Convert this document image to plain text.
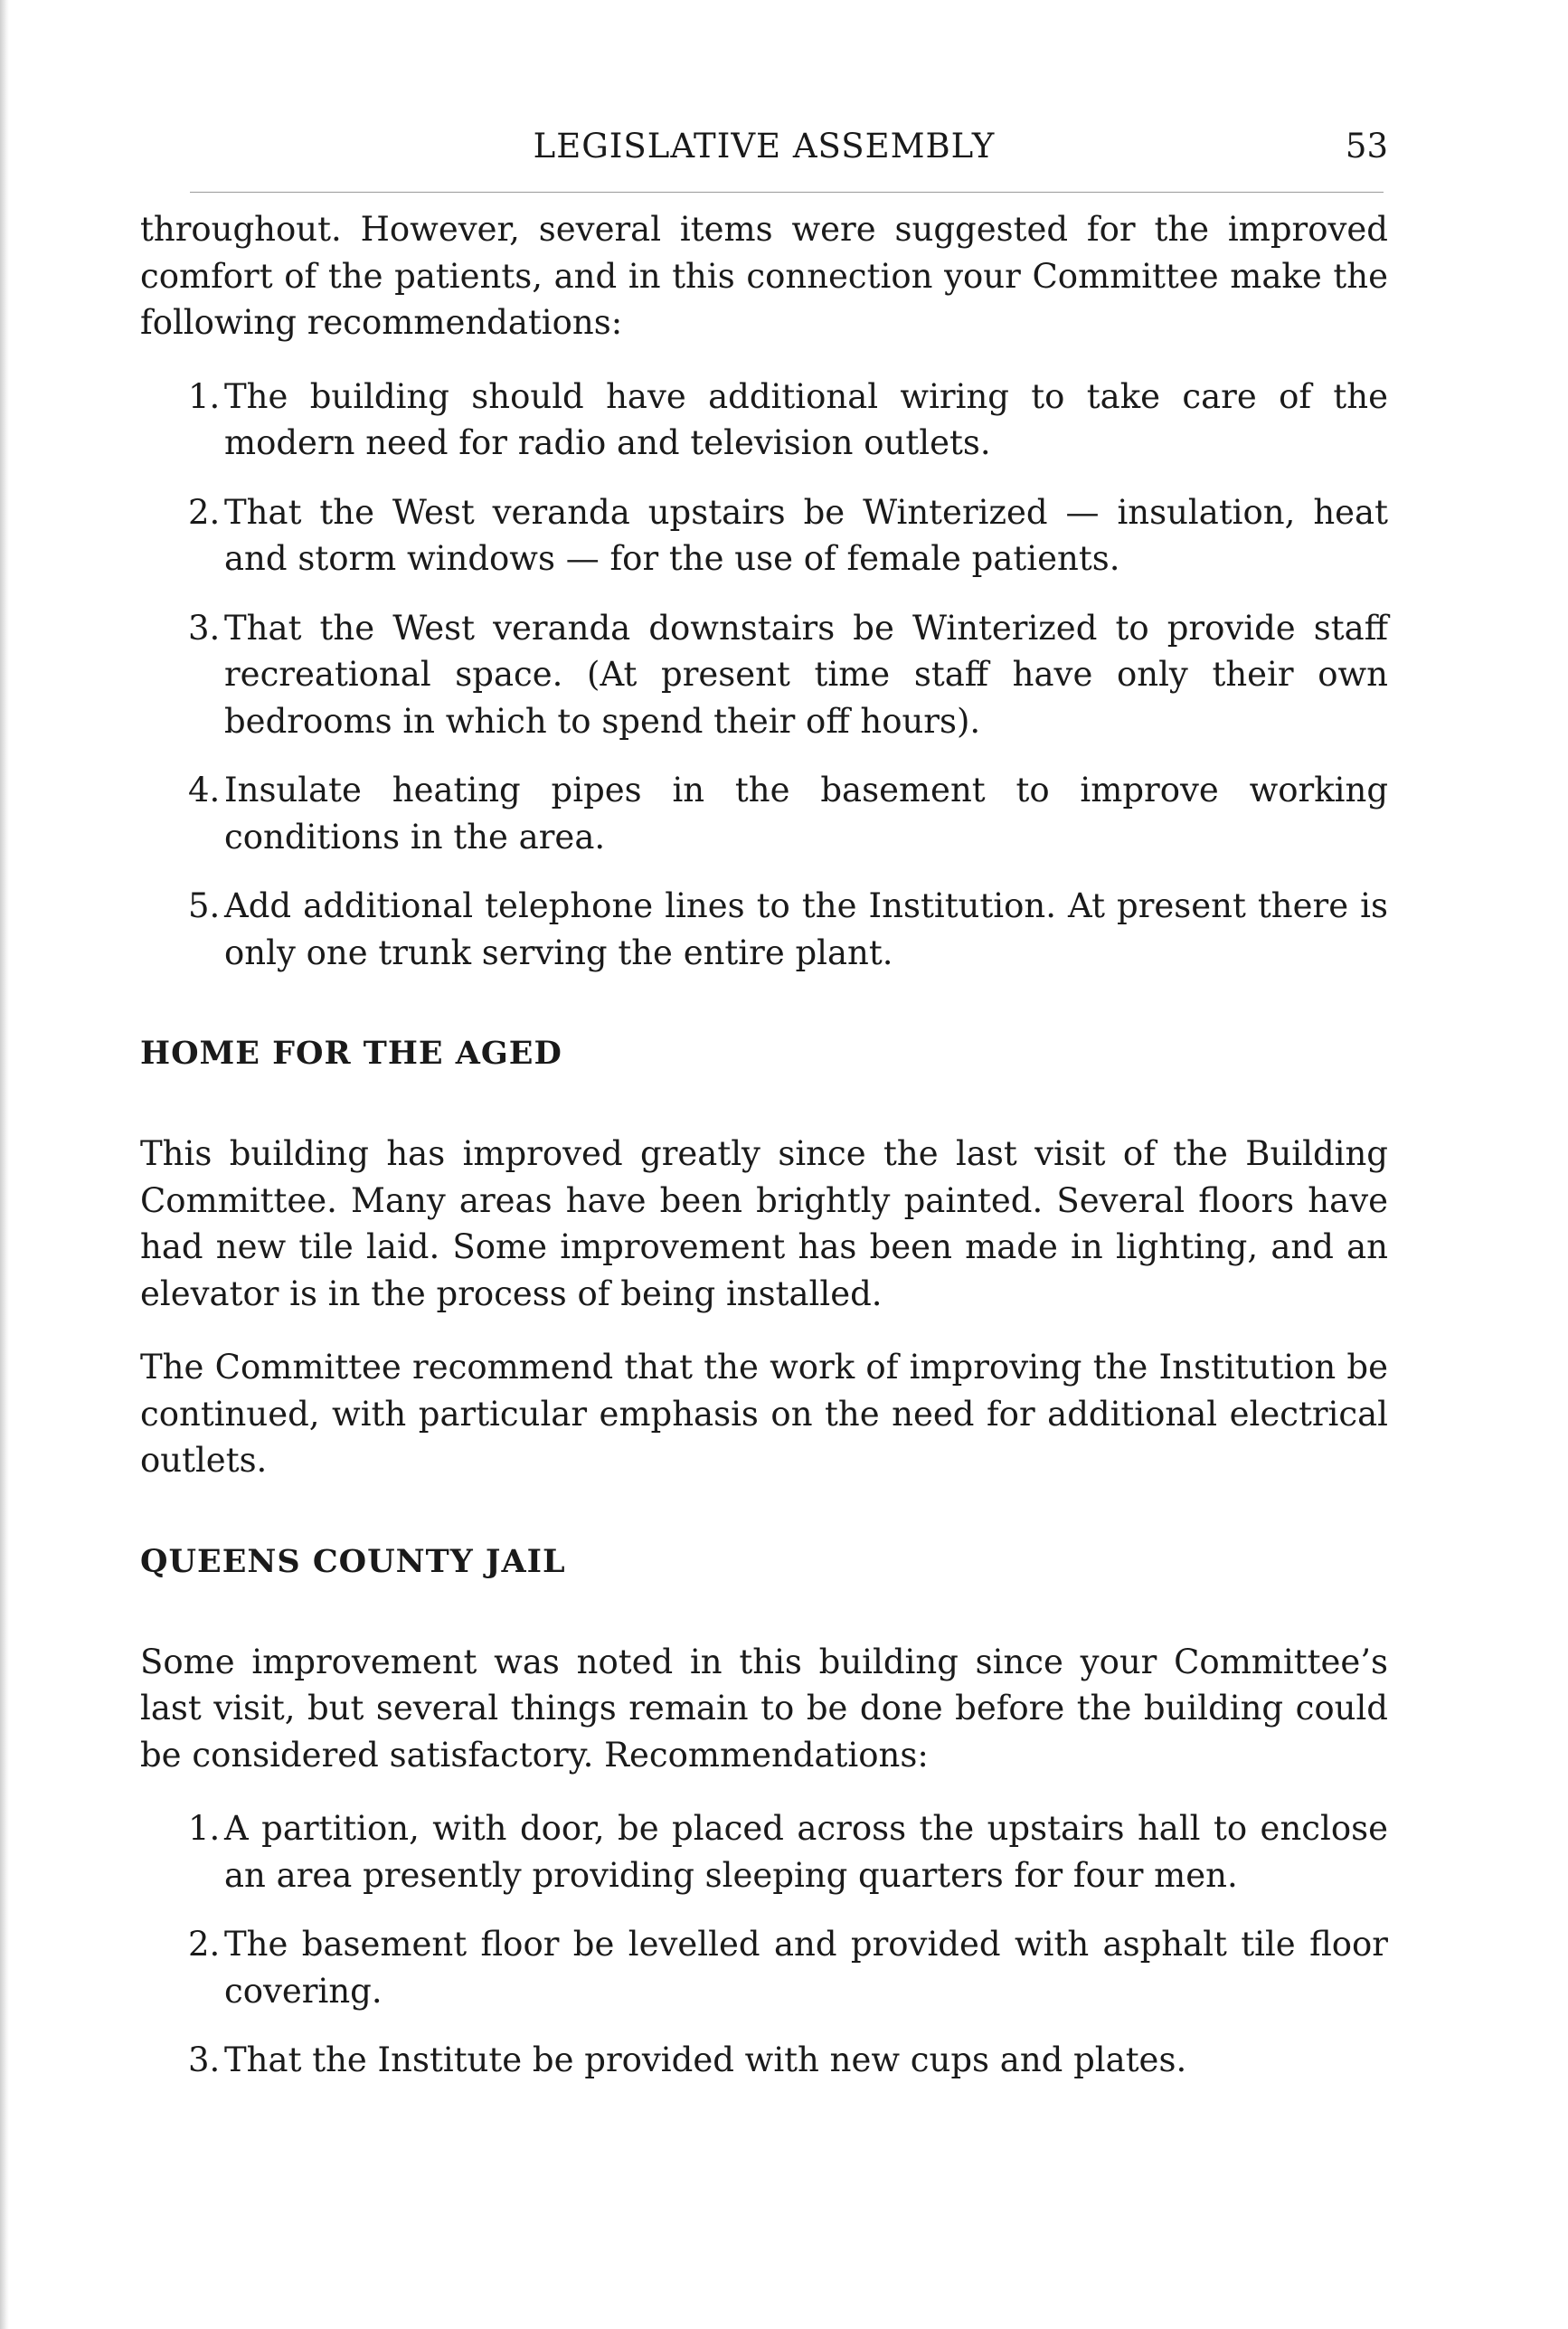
LEGISLATIVE ASSEMBLY	53

throughout. However, several items were suggested for the improved comfort of the patients, and in this connection your Committee make the following recommendations:

1. The building should have additional wiring to take care of the modern need for radio and television outlets.
2. That the West veranda upstairs be Winterized — insulation, heat and storm windows — for the use of female patients.
3. That the West veranda downstairs be Winterized to provide staff recreational space. (At present time staff have only their own bedrooms in which to spend their off hours).
4. Insulate heating pipes in the basement to improve working conditions in the area.
5. Add additional telephone lines to the Institution. At present there is only one trunk serving the entire plant.
HOME FOR THE AGED

This building has improved greatly since the last visit of the Building Committee. Many areas have been brightly painted. Several floors have had new tile laid. Some improvement has been made in lighting, and an elevator is in the process of being installed.

The Committee recommend that the work of improving the Institution be continued, with particular emphasis on the need for additional electrical outlets.

QUEENS COUNTY JAIL

Some improvement was noted in this building since your Committee’s last visit, but several things remain to be done before the building could be considered satisfactory. Recommendations:

1. A partition, with door, be placed across the upstairs hall to enclose an area presently providing sleeping quarters for four men.
2. The basement floor be levelled and provided with asphalt tile floor covering.
3. That the Institute be provided with new cups and plates.
